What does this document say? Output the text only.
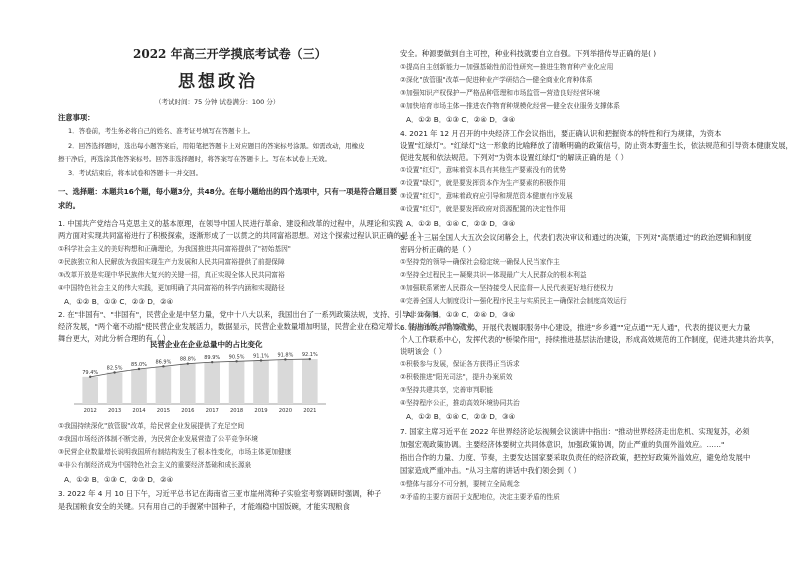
2022 年高三开学摸底考试卷（三）
思想政治
（考试时间：75 分钟 试卷满分：100 分）
注意事项：
1．答卷前，考生务必将自己的姓名、准考证号填写在答题卡上。
2．回答选择题时，选出每小题答案后，用铅笔把答题卡上对应题目的答案标号涂黑。如需改动，用橡皮
擦干净后，再选涂其他答案标号。回答非选择题时，将答案写在答题卡上。写在本试卷上无效。
3．考试结束后，将本试卷和答题卡一并交回。
一、选择题：本题共16个题，每小题3分，共48分。在每小题给出的四个选项中，只有一项是符合题目要
求的。
1. 中国共产党结合马克思主义的基本原理，在领导中国人民进行革命、建设和改革的过程中，从理论和实践
两方面对实现共同富裕进行了积极探索，逐渐形成了一以贯之的共同富裕思想。对这个探索过程认识正确的是（ ）
①科学社会主义的美好构想和正确理论，为我国推进共同富裕提供了"初始基因"
②民族独立和人民解放为我国实现生产力发展和人民共同富裕提供了前提保障
③改革开放是实现中华民族伟大复兴的关键一招，真正实现全体人民共同富裕
④中国特色社会主义的伟大实践，更加明确了共同富裕的科学内涵和实现路径
A．①② B．①③ C．②③ D．②④
2. 在"非国有"、"非国有"，民营企业是中坚力量，党中十八大以来，我国出台了一系列政策法规，支持、引导非公有制
经济发展，"两个毫不动摇"使民营企业发展活力，数据显示，民营企业数量增加明显，民营企业在稳定增长、促进创新、增加就业、
舞台更大，对此分析合理的有（ ）
民营企业在企业总量中的占比变化
①我国持续深化"放管服"改革，给民营企业发展提供了充足空间
②我国市场经济体制不断完善，为民营企业发展营造了公平竞争环境
③民营企业数量增长说明我国所有制结构发生了根本性变化，市场主体更加健康
④非公有制经济成为中国特色社会主义的重要经济基础和成长源泉
A．①② B．①③ C．②③ D．②④
3. 2022 年 4 月 10 日下午，习近平总书记在海南省三亚市崖州湾种子实验室考察调研时强调，种子
是我国粮食安全的关键。只有用自己的手握紧中国种子，才能端稳中国饭碗，才能实现粮食
79.4%
2012
82.5%
2013
85.0%
2014
86.9%
2015
88.8%
2016
89.9%
2017
90.5%
2018
91.1%
2019
91.8%
2020
92.1%
2021
安全。种源要做到自主可控，种业科技就要自立自强。下列举措传导正确的是( )
①提高自主创新能力—加强基础性前沿性研究—推进生物育种产业化应用
②深化"放管服"改革—促进种业产学研结合—健全商业化育种体系
③加强知识产权保护—严格品种管理和市场监管—营造良好经营环境
④加快培育市场主体—推进农作物育种规模化经营—健全农业服务支撑体系
A．①② B．①③ C．②④ D．③④
4. 2021 年 12 月召开的中央经济工作会议指出，要正确认识和把握资本的特性和行为规律，为资本
设置"红绿灯"。"红绿灯"这一形象的比喻释放了清晰明确的政策信号，防止资本野蛮生长，依法规范和引导资本健康发展，
促进发展和依法规范。下列对"为资本设置红绿灯"的解读正确的是（ ）
①设置"红灯"，意味着资本具有其他生产要素没有的优势
②设置"绿灯"，就是要发挥资本作为生产要素的积极作用
③设置"红灯"，意味着政府应引导和规范资本健康有序发展
④设置"红灯"，就是要发挥政府对资源配置的决定性作用
A．①② B．①④ C．②③ D．③④
5. 在十三届全国人大五次会议闭幕会上，代表们表决审议和通过的决策，下列对"高票通过"的政治逻辑和制度
密码分析正确的是（ ）
①坚持党的领导—确保社会稳定统一确保人民当家作主
②坚持全过程民主—凝聚共识—体现最广大人民群众的根本利益
③加强联系紧密人民群众—坚持接受人民监督—人民代表更好地行使权力
④完善全国人大制度设计—强化程序民主与实质民主—确保社会制度高效运行
A．①② B．①③ C．②④ D．③④
6. 南昌市发挥自身优势，开展代表履职服务中心建设，推进"乡乡通""定点通""无人通"，代表的提议更大力量
个人工作联系中心，发挥代表的"桥梁作用"，持续推进基层法治建设，形成高效规范的工作制度，促进共建共治共享，
说明该会（ ）
①积极参与发展，保证各方获得正当诉求
②积极推进"阳光司法"，提升办案质效
③坚持共建共享，完善审判职能
④坚持程序公正，推动高效环境协同共治
A．①② B．①④ C．②③ D．③④
7. 国家主席习近平在 2022 年世界经济论坛视频会议演讲中指出："推动世界经济走出危机、实现复苏，必须
加强宏观政策协调。主要经济体要树立共同体意识，加强政策协调，防止严重的负面外溢效应。……"
指出合作的力量、力度、节奏，主要发达国家要采取负责任的经济政策，把控好政策外溢效应，避免给发展中
国家造成严重冲击。"从习主席的讲话中我们领会到（ ）
①整体与部分不可分割，要树立全局观念
②矛盾的主要方面居于支配地位，决定主要矛盾的性质
